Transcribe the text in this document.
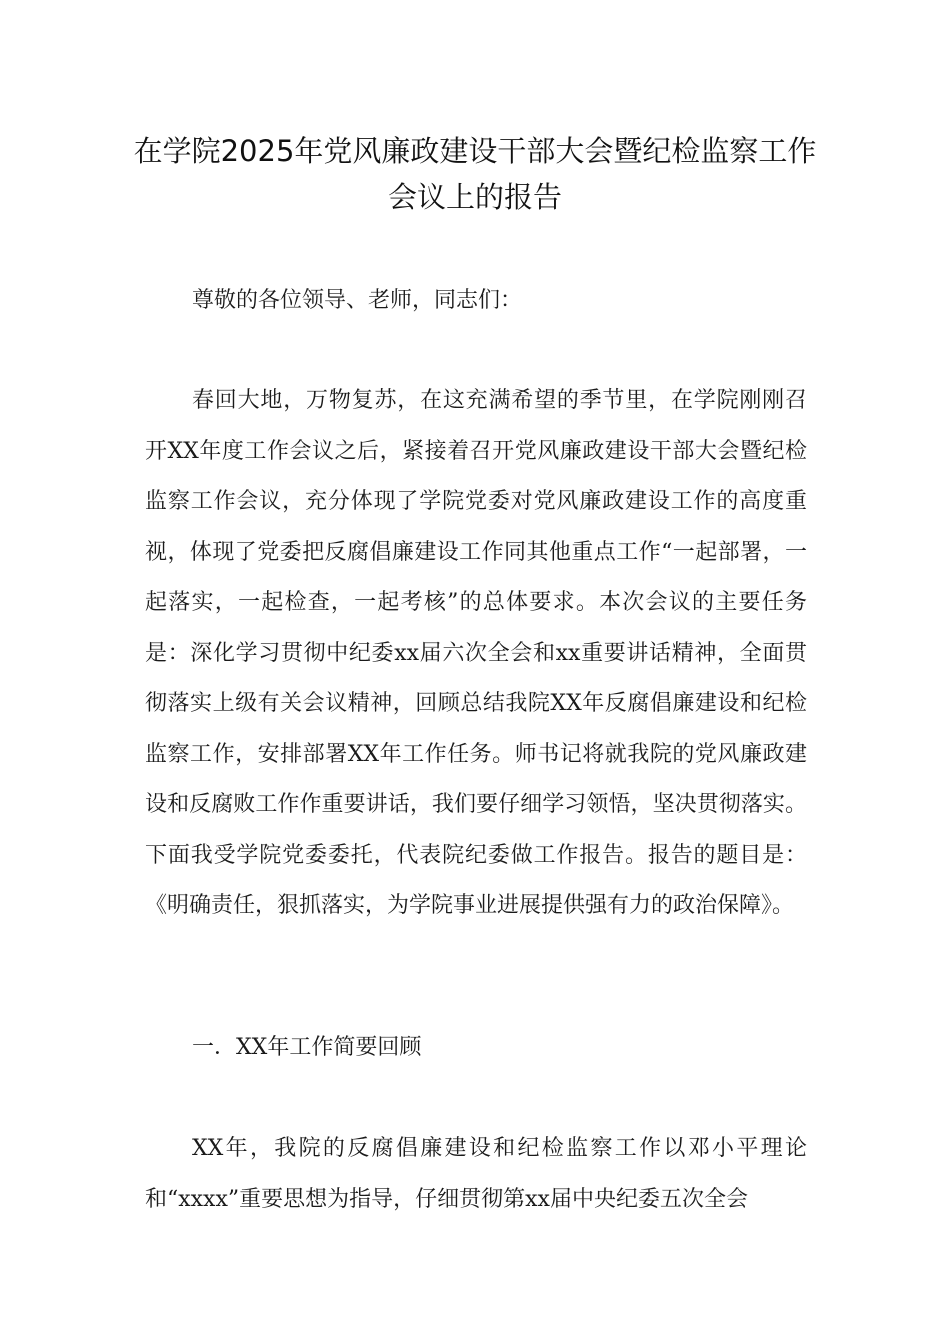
在学院2025年党风廉政建设干部大会暨纪检监察工作会议上的报告

尊敬的各位领导、老师，同志们：

春回大地，万物复苏，在这充满希望的季节里，在学院刚刚召开XX年度工作会议之后，紧接着召开党风廉政建设干部大会暨纪检监察工作会议，充分体现了学院党委对党风廉政建设工作的高度重视，体现了党委把反腐倡廉建设工作同其他重点工作“一起部署，一起落实，一起检查，一起考核”的总体要求。本次会议的主要任务是：深化学习贯彻中纪委xx届六次全会和xx重要讲话精神，全面贯彻落实上级有关会议精神，回顾总结我院XX年反腐倡廉建设和纪检监察工作，安排部署XX年工作任务。师书记将就我院的党风廉政建设和反腐败工作作重要讲话，我们要仔细学习领悟，坚决贯彻落实。下面我受学院党委委托，代表院纪委做工作报告。报告的题目是：《明确责任，狠抓落实，为学院事业进展提供强有力的政治保障》。

一．XX年工作简要回顾

XX年，我院的反腐倡廉建设和纪检监察工作以邓小平理论和“xxxx”重要思想为指导，仔细贯彻第xx届中央纪委五次全会
